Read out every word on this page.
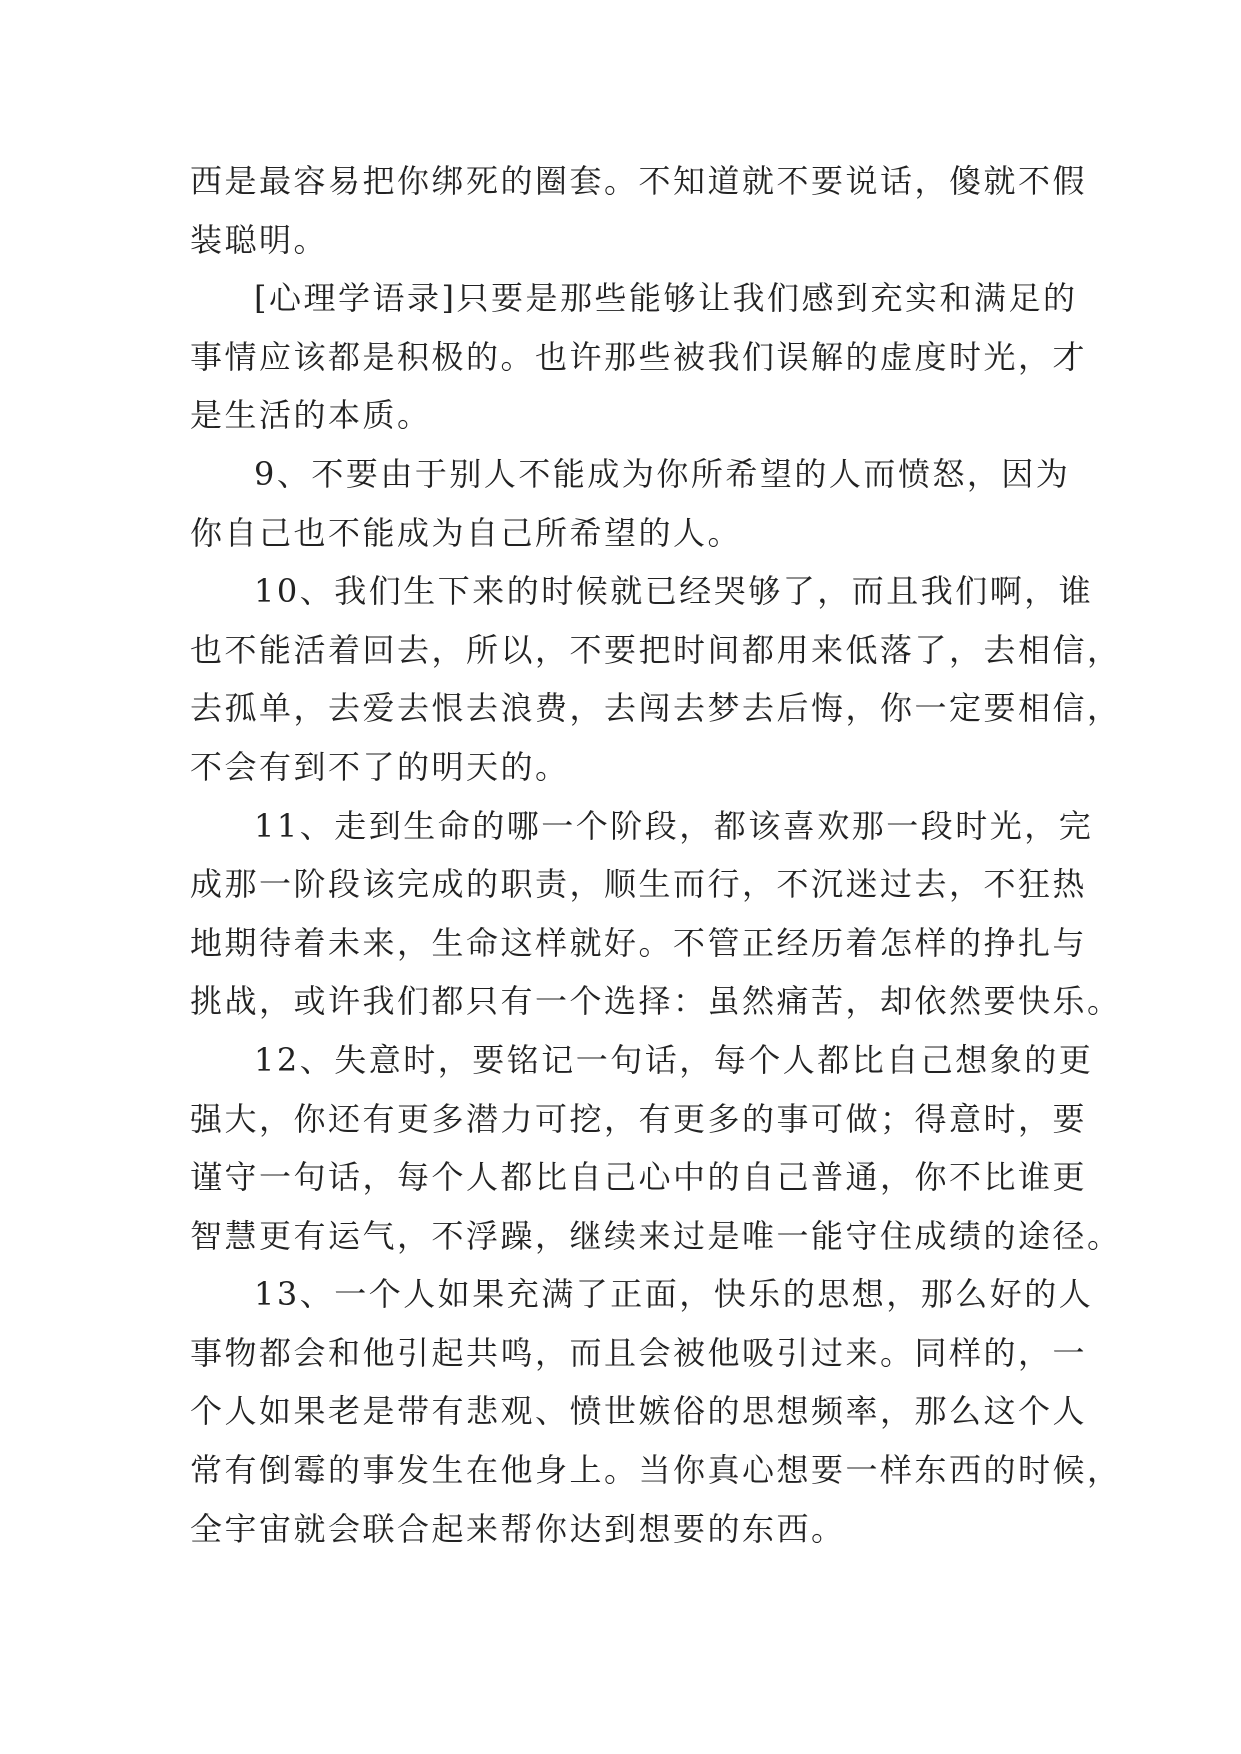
西是最容易把你绑死的圈套。不知道就不要说话，傻就不假
装聪明。

[心理学语录]只要是那些能够让我们感到充实和满足的
事情应该都是积极的。也许那些被我们误解的虚度时光，才
是生活的本质。

9、不要由于别人不能成为你所希望的人而愤怒，因为
你自己也不能成为自己所希望的人。

10、我们生下来的时候就已经哭够了，而且我们啊，谁
也不能活着回去，所以，不要把时间都用来低落了，去相信，
去孤单，去爱去恨去浪费，去闯去梦去后悔，你一定要相信，
不会有到不了的明天的。

11、走到生命的哪一个阶段，都该喜欢那一段时光，完
成那一阶段该完成的职责，顺生而行，不沉迷过去，不狂热
地期待着未来，生命这样就好。不管正经历着怎样的挣扎与
挑战，或许我们都只有一个选择：虽然痛苦，却依然要快乐。

12、失意时，要铭记一句话，每个人都比自己想象的更
强大，你还有更多潜力可挖，有更多的事可做；得意时，要
谨守一句话，每个人都比自己心中的自己普通，你不比谁更
智慧更有运气，不浮躁，继续来过是唯一能守住成绩的途径。

13、一个人如果充满了正面，快乐的思想，那么好的人
事物都会和他引起共鸣，而且会被他吸引过来。同样的，一
个人如果老是带有悲观、愤世嫉俗的思想频率，那么这个人
常有倒霉的事发生在他身上。当你真心想要一样东西的时候，
全宇宙就会联合起来帮你达到想要的东西。
